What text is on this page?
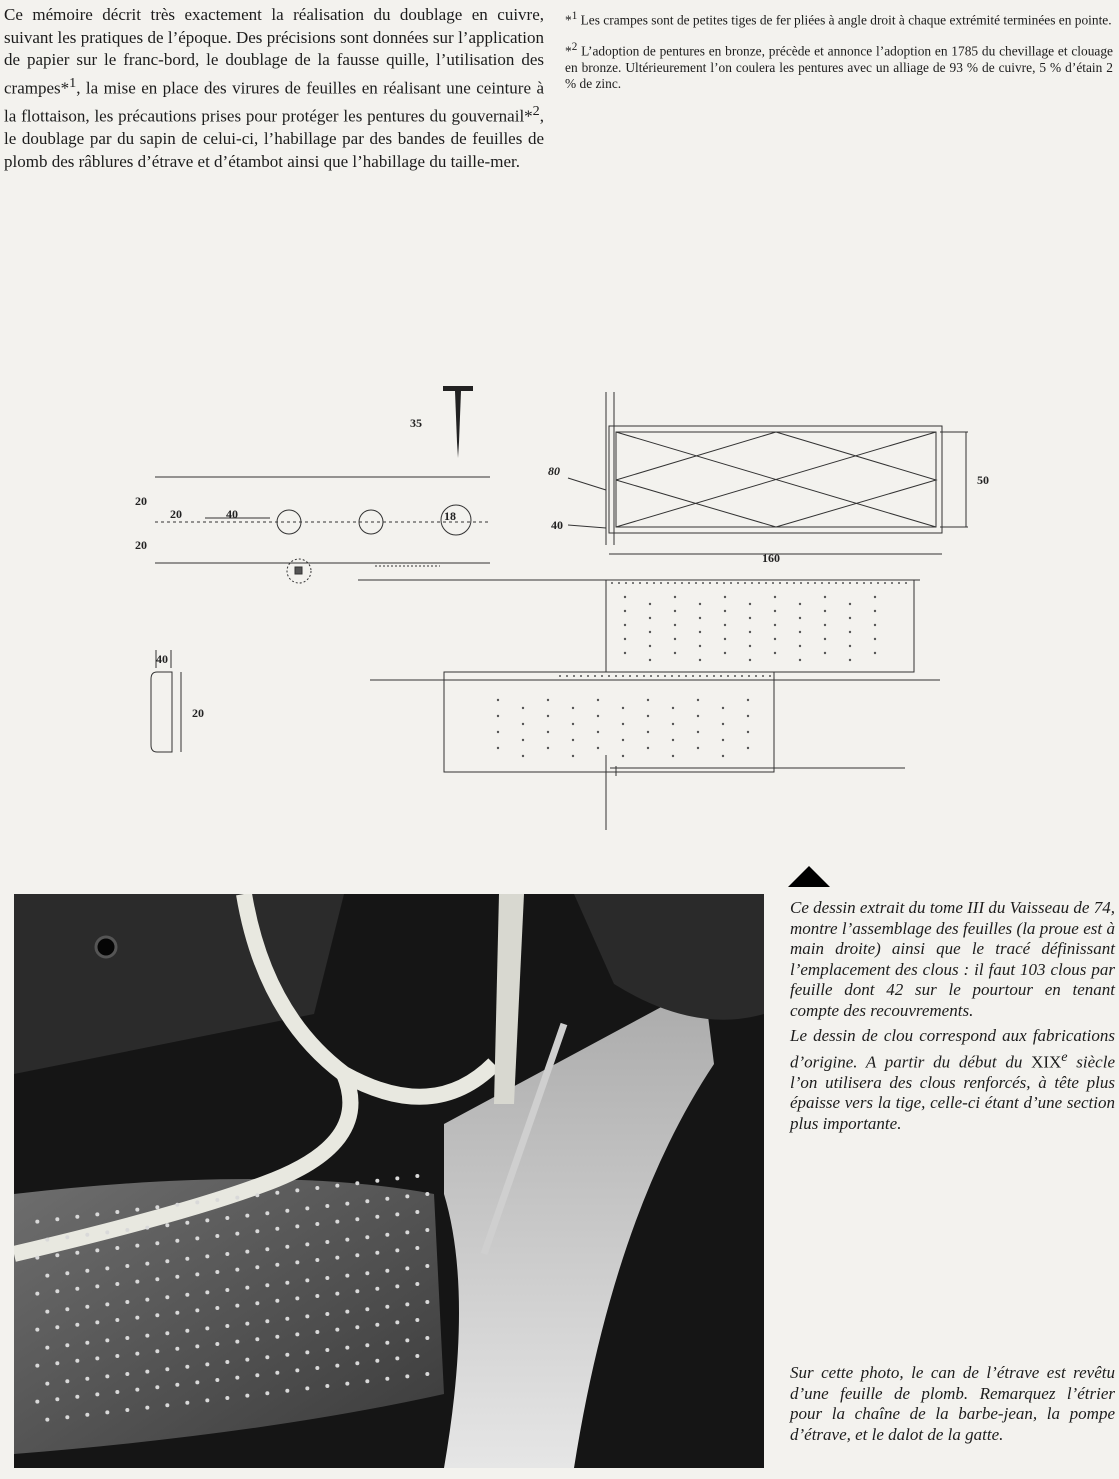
Ce mémoire décrit très exactement la réalisation du doublage en cuivre, suivant les pratiques de l’époque. Des précisions sont données sur l’application de papier sur le franc-bord, le doublage de la fausse quille, l’utilisation des crampes*$^1$, la mise en place des virures de feuilles en réalisant une ceinture à la flottaison, les précautions prises pour protéger les pentures du gouvernail*$^2$, le doublage par du sapin de celui-ci, l’habillage par des bandes de feuilles de plomb des râblures d’étrave et d’étambot ainsi que l’habillage du taille-mer.

*$^1$ Les crampes sont de petites tiges de fer pliées à angle droit à chaque extrémité terminées en pointe.

*$^2$ L’adoption de pentures en bronze, précède et annonce l’adoption en 1785 du chevillage et clouage en bronze. Ultérieurement l’on coulera les pentures avec un alliage de 93 % de cuivre, 5 % d’étain 2 % de zinc.

35
20
20
20	40	18
80
40
50
160
40
20

Ce dessin extrait du tome III du Vaisseau de 74, montre l’assemblage des feuilles (la proue est à main droite) ainsi que le tracé définissant l’emplacement des clous : il faut 103 clous par feuille dont 42 sur le pourtour en tenant compte des recouvrements.

Le dessin de clou correspond aux fabrications d’origine. A partir du début du XIXe siècle l’on utilisera des clous renforcés, à tête plus épaisse vers la tige, celle-ci étant d’une section plus importante.

Sur cette photo, le can de l’étrave est revêtu d’une feuille de plomb. Remarquez l’étrier pour la chaîne de la barbe-jean, la pompe d’étrave, et le dalot de la gatte.
